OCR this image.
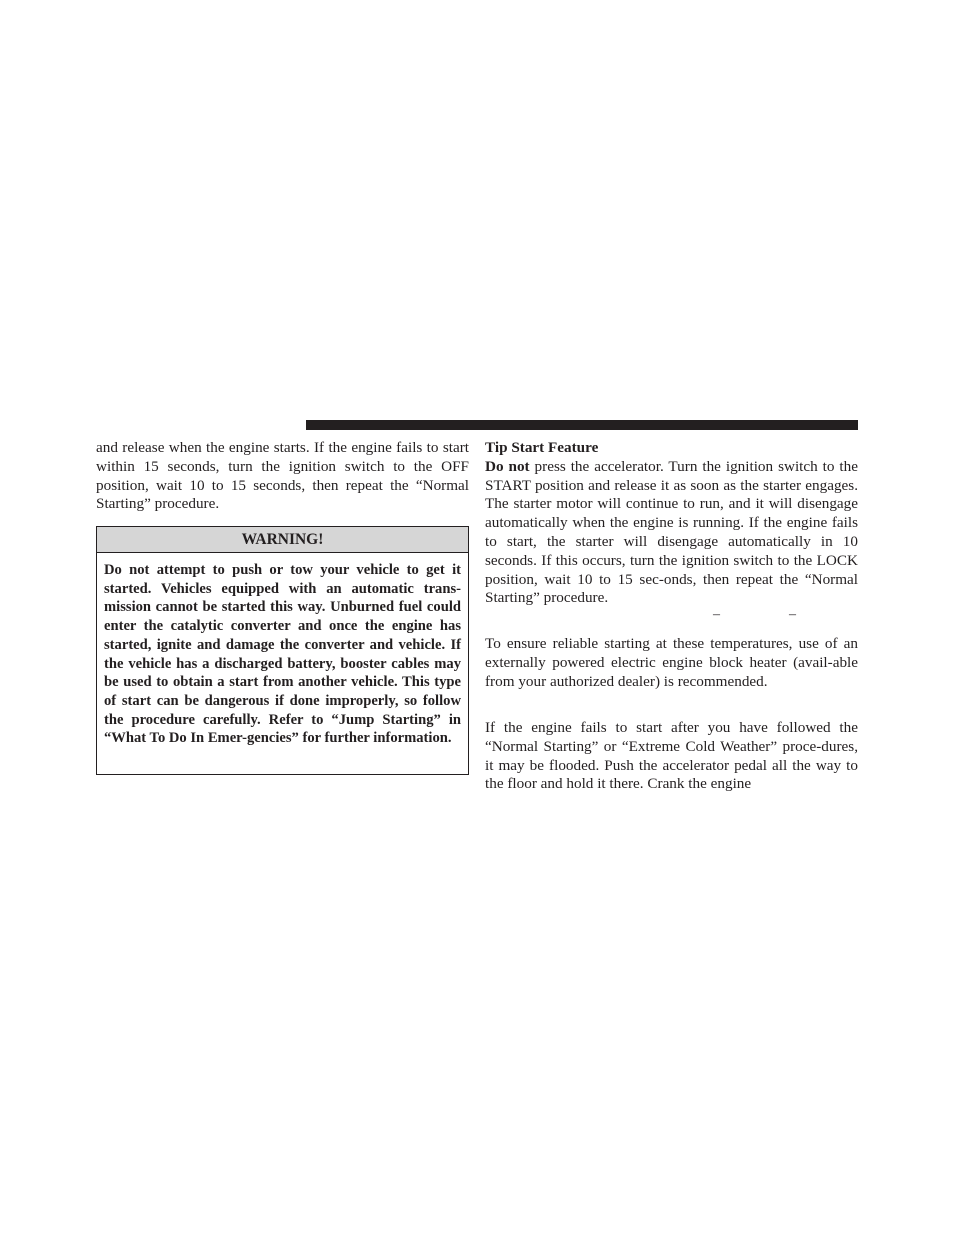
and release when the engine starts. If the engine fails to start within 15 seconds, turn the ignition switch to the OFF position, wait 10 to 15 seconds, then repeat the “Normal Starting” procedure.

WARNING!
Do not attempt to push or tow your vehicle to get it started. Vehicles equipped with an automatic trans-mission cannot be started this way. Unburned fuel could enter the catalytic converter and once the engine has started, ignite and damage the converter and vehicle. If the vehicle has a discharged battery, booster cables may be used to obtain a start from another vehicle. This type of start can be dangerous if done improperly, so follow the procedure carefully. Refer to “Jump Starting” in “What To Do In Emer-gencies” for further information.

Tip Start Feature

Do not press the accelerator. Turn the ignition switch to the START position and release it as soon as the starter engages. The starter motor will continue to run, and it will disengage automatically when the engine is running. If the engine fails to start, the starter will disengage automatically in 10 seconds. If this occurs, turn the ignition switch to the LOCK position, wait 10 to 15 sec-onds, then repeat the “Normal Starting” procedure.

–	–

To ensure reliable starting at these temperatures, use of an externally powered electric engine block heater (avail-able from your authorized dealer) is recommended.

If the engine fails to start after you have followed the “Normal Starting” or “Extreme Cold Weather” proce-dures, it may be flooded. Push the accelerator pedal all the way to the floor and hold it there. Crank the engine
